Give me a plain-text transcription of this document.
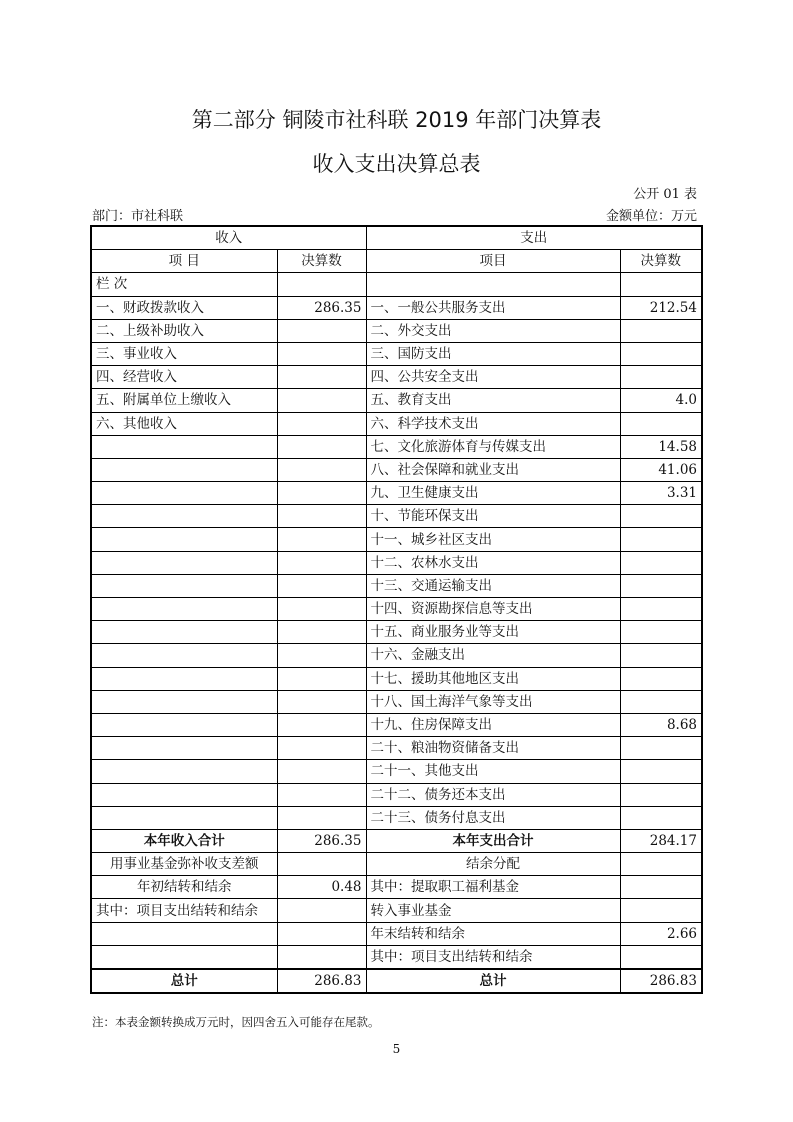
第二部分 铜陵市社科联 2019 年部门决算表
收入支出决算总表
公开 01 表
部门：市社科联	金额单位：万元
收入		支出	
项 目	决算数	项目	决算数
栏 次			
一、财政拨款收入	286.35	一、一般公共服务支出	212.54
二、上级补助收入		二、外交支出	
三、事业收入		三、国防支出	
四、经营收入		四、公共安全支出	
五、附属单位上缴收入		五、教育支出	4.0
六、其他收入		六、科学技术支出	
		七、文化旅游体育与传媒支出	14.58
		八、社会保障和就业支出	41.06
		九、卫生健康支出	3.31
		十、节能环保支出	
		十一、城乡社区支出	
		十二、农林水支出	
		十三、交通运输支出	
		十四、资源勘探信息等支出	
		十五、商业服务业等支出	
		十六、金融支出	
		十七、援助其他地区支出	
		十八、国土海洋气象等支出	
		十九、住房保障支出	8.68
		二十、粮油物资储备支出	
		二十一、其他支出	
		二十二、债务还本支出	
		二十三、债务付息支出	
本年收入合计	286.35	本年支出合计	284.17
用事业基金弥补收支差额		结余分配	
年初结转和结余	0.48	其中：提取职工福利基金	
其中：项目支出结转和结余		转入事业基金	
		年末结转和结余	2.66
		其中：项目支出结转和结余	
总计	286.83	总计	286.83
注：本表金额转换成万元时，因四舍五入可能存在尾款。
5
